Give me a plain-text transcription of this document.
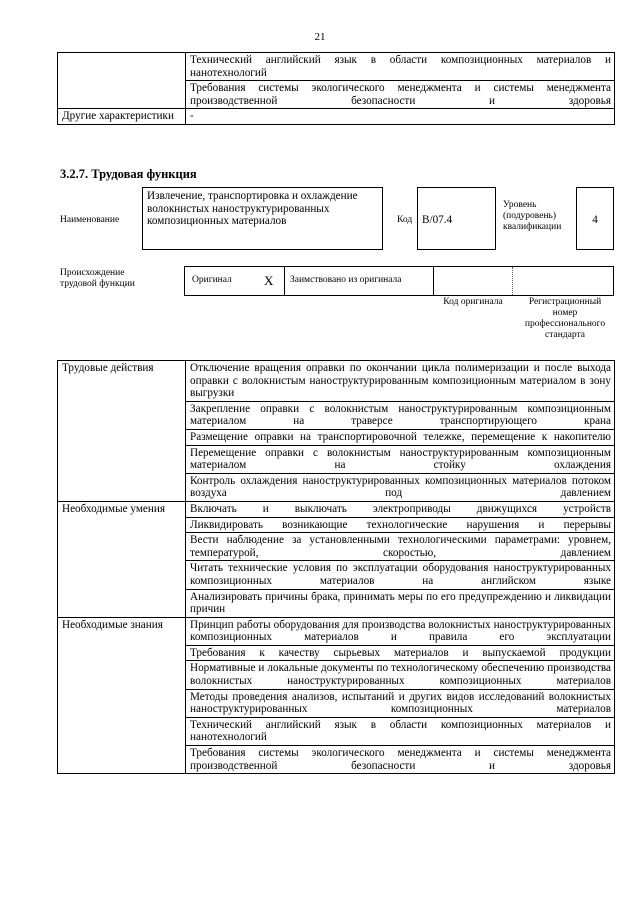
21
	Технический английский язык в области композиционных материалов и нанотехнологий
	Требования системы экологического менеджмента и системы менеджмента производственной безопасности и здоровья
Другие характеристики	-
3.2.7. Трудовая функция
Наименование
Извлечение, транспортировка и охлаждение волокнистых наноструктурированных композиционных материалов	Код B/07.4
Уровень (подуровень) квалификации
4
Происхождение трудовой функции	Оригинал X Заимствовано из оригинала
Код оригинала	Регистрационный номер профессионального стандарта
Трудовые действия	Отключение вращения оправки по окончании цикла полимеризации и после выхода оправки с волокнистым наноструктурированным композиционным материалом в зону выгрузки
	Закрепление оправки с волокнистым наноструктурированным композиционным материалом на траверсе транспортирующего крана
	Размещение оправки на транспортировочной тележке, перемещение к накопителю
	Перемещение оправки с волокнистым наноструктурированным композиционным материалом на стойку охлаждения
	Контроль охлаждения наноструктурированных композиционных материалов потоком воздуха под давлением
Необходимые умения	Включать и выключать электроприводы движущихся устройств
	Ликвидировать возникающие технологические нарушения и перерывы
	Вести наблюдение за установленными технологическими параметрами: уровнем, температурой, скоростью, давлением
	Читать технические условия по эксплуатации оборудования наноструктурированных композиционных материалов на английском языке
	Анализировать причины брака, принимать меры по его предупреждению и ликвидации причин
Необходимые знания	Принцип работы оборудования для производства волокнистых наноструктурированных композиционных материалов и правила его эксплуатации
	Требования к качеству сырьевых материалов и выпускаемой продукции
	Нормативные и локальные документы по технологическому обеспечению производства волокнистых наноструктурированных композиционных материалов
	Методы проведения анализов, испытаний и других видов исследований волокнистых наноструктурированных композиционных материалов
	Технический английский язык в области композиционных материалов и нанотехнологий
	Требования системы экологического менеджмента и системы менеджмента производственной безопасности и здоровья
